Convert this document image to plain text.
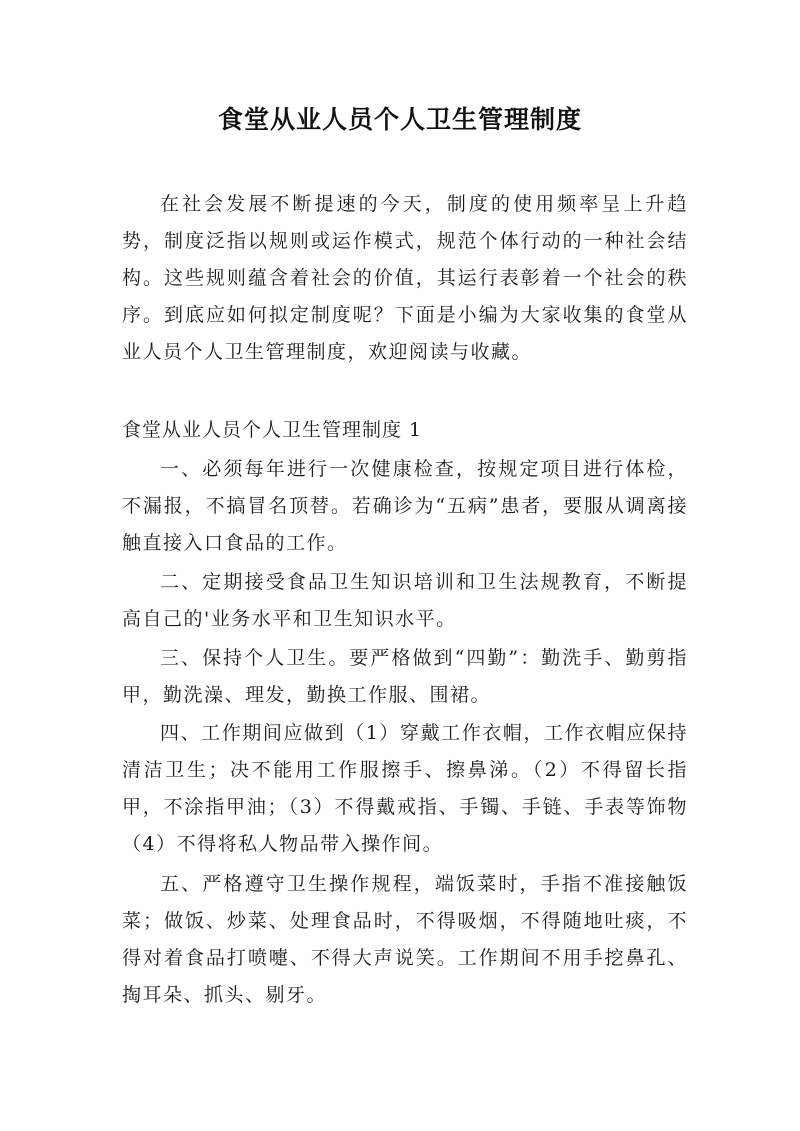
食堂从业人员个人卫生管理制度

在社会发展不断提速的今天，制度的使用频率呈上升趋势，制度泛指以规则或运作模式，规范个体行动的一种社会结构。这些规则蕴含着社会的价值，其运行表彰着一个社会的秩序。到底应如何拟定制度呢？下面是小编为大家收集的食堂从业人员个人卫生管理制度，欢迎阅读与收藏。

食堂从业人员个人卫生管理制度 1

一、必须每年进行一次健康检查，按规定项目进行体检，不漏报，不搞冒名顶替。若确诊为“五病”患者，要服从调离接触直接入口食品的工作。

二、定期接受食品卫生知识培训和卫生法规教育，不断提高自己的'业务水平和卫生知识水平。

三、保持个人卫生。要严格做到“四勤”：勤洗手、勤剪指甲，勤洗澡、理发，勤换工作服、围裙。

四、工作期间应做到（1）穿戴工作衣帽，工作衣帽应保持清洁卫生；决不能用工作服擦手、擦鼻涕。（2）不得留长指甲，不涂指甲油；（3）不得戴戒指、手镯、手链、手表等饰物（4）不得将私人物品带入操作间。

五、严格遵守卫生操作规程，端饭菜时，手指不准接触饭菜；做饭、炒菜、处理食品时，不得吸烟，不得随地吐痰，不得对着食品打喷嚏、不得大声说笑。工作期间不用手挖鼻孔、掏耳朵、抓头、剔牙。
